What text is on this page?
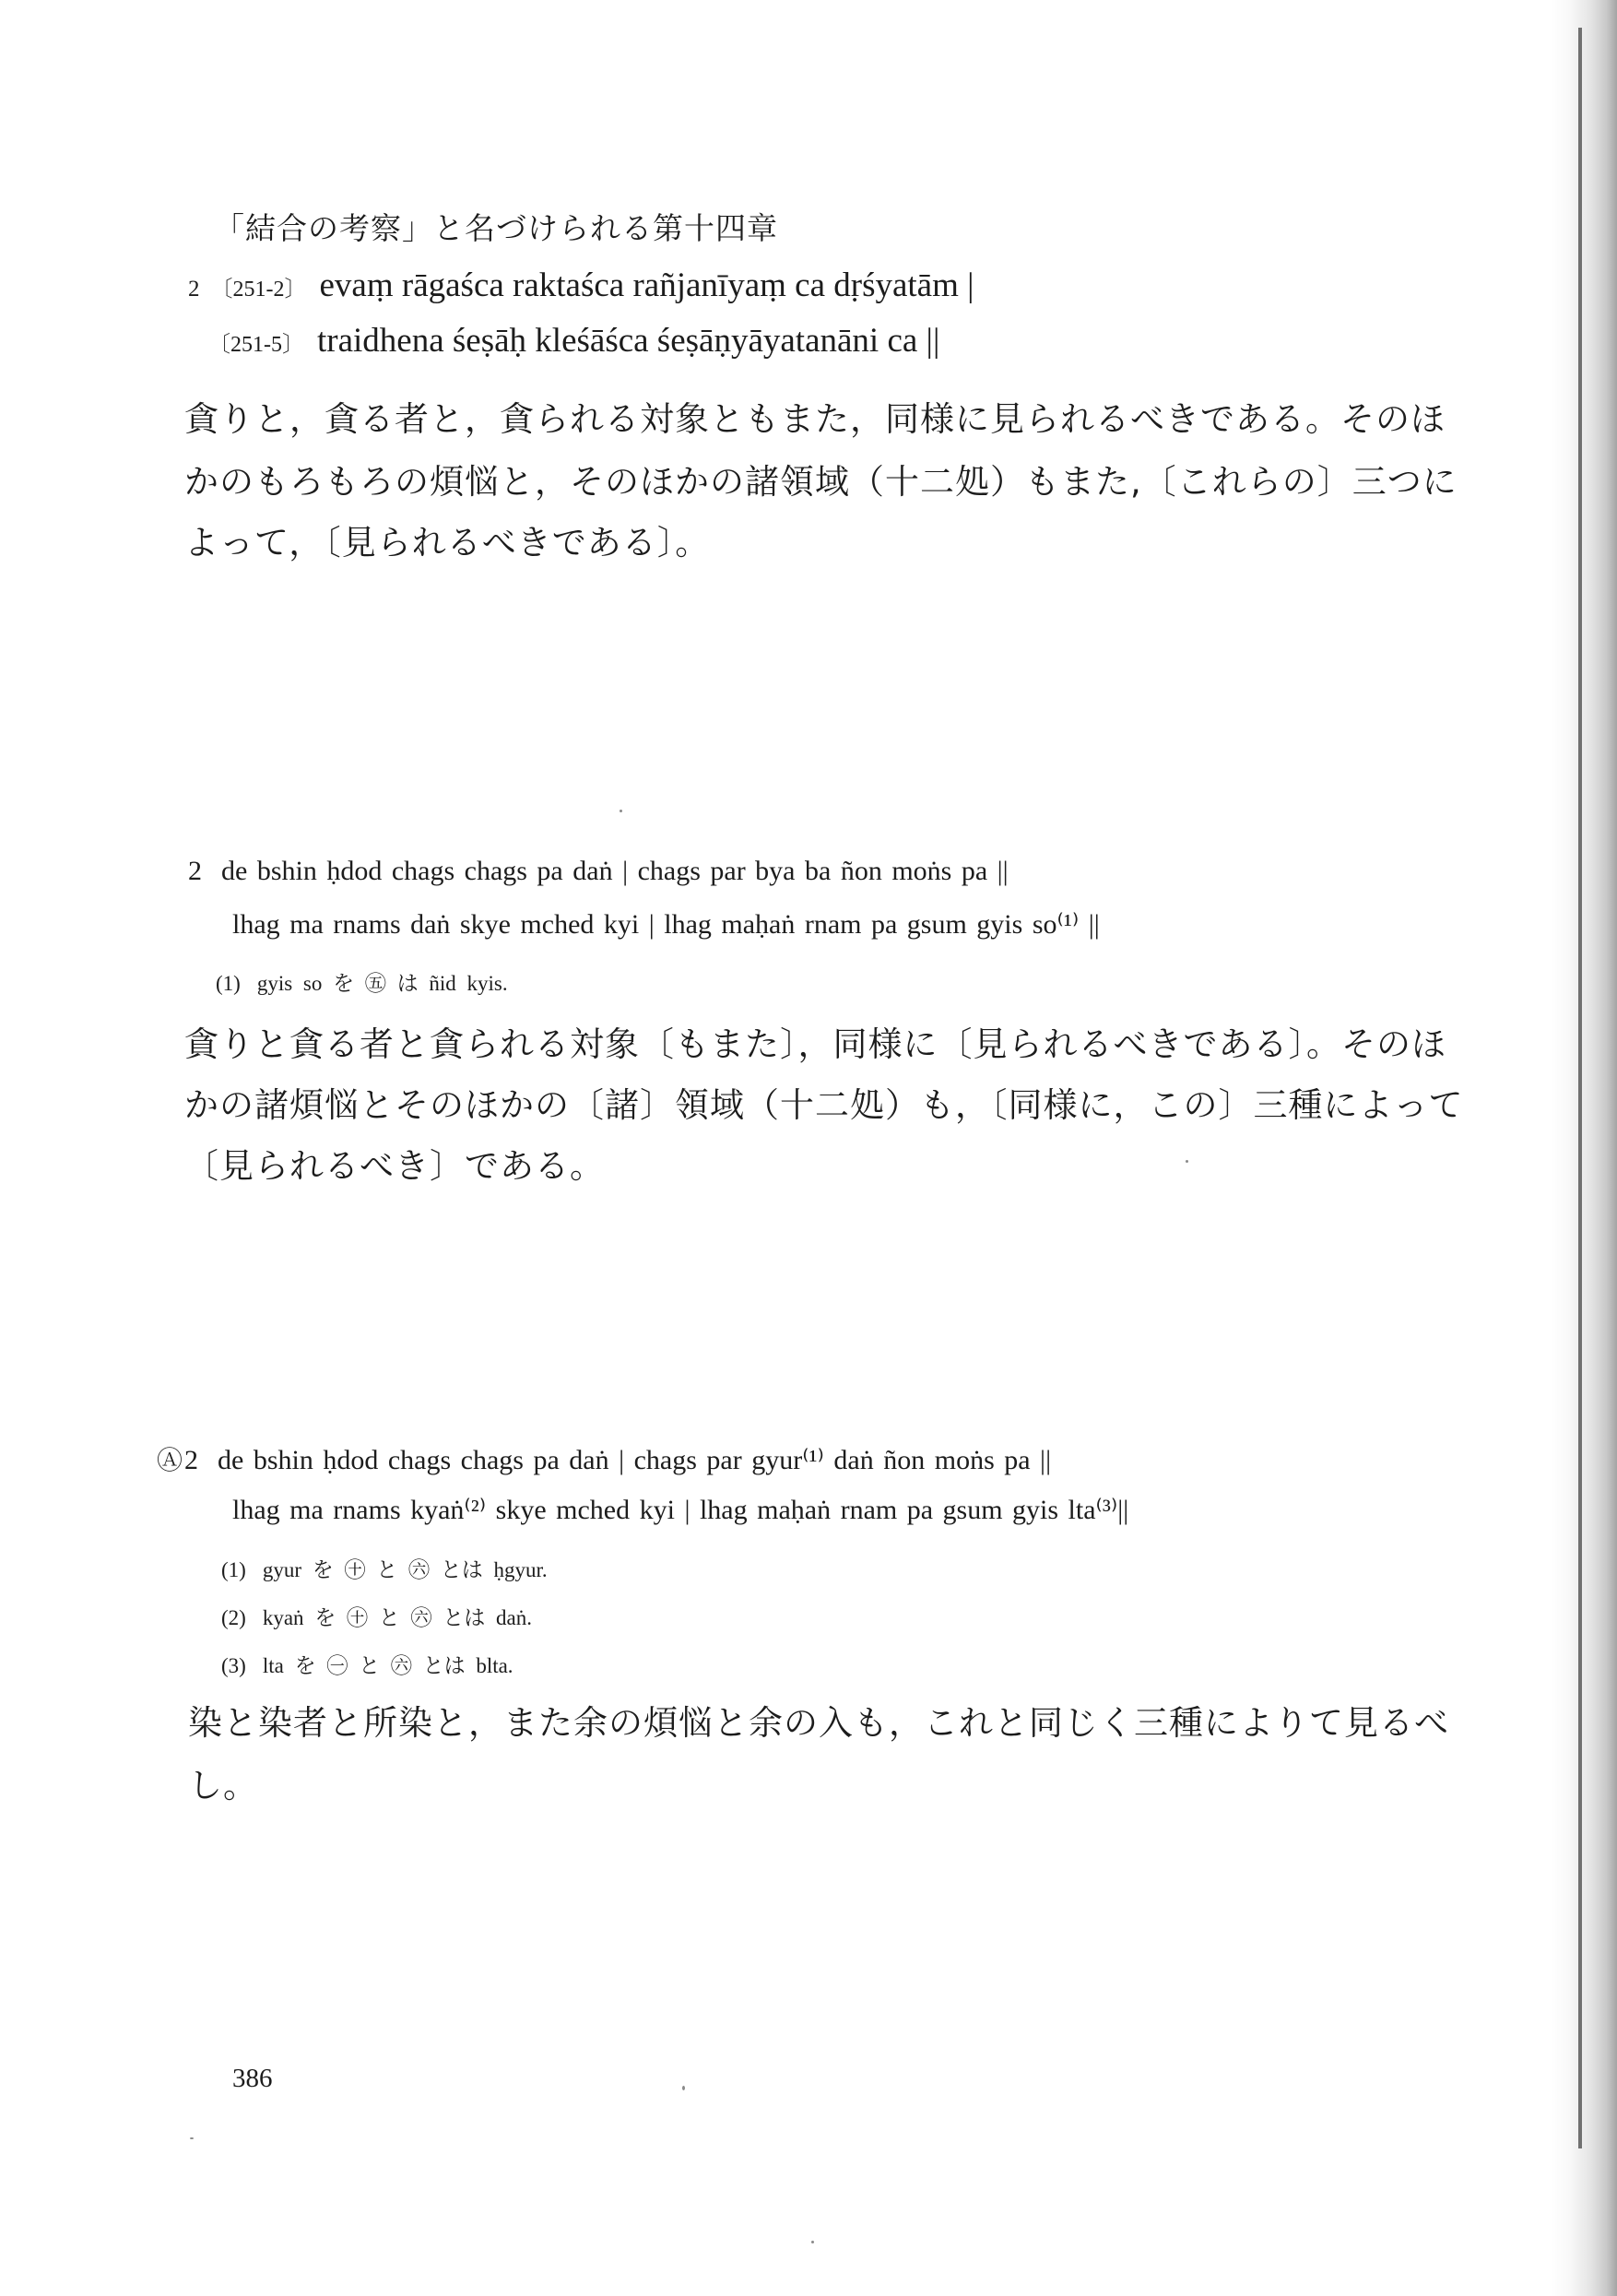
「結合の考察」と名づけられる第十四章
2 〔251-2〕 evaṃ rāgaśca raktaśca rañjanīyaṃ ca dṛśyatām |
〔251-5〕 traidhena śeṣāḥ kleśāśca śeṣāṇyāyatanāni ca ||
貪りと，貪る者と，貪られる対象ともまた，同様に見られるべきである。そのほ
かのもろもろの煩悩と，そのほかの諸領域（十二処）もまた,〔これらの〕三つに
よって，〔見られるべきである〕。
2 de bshin ḥdod chags chags pa daṅ | chags par bya ba ñon moṅs pa ||
lhag ma rnams daṅ skye mched kyi | lhag maḥaṅ rnam pa gsum gyis so⁽¹⁾ ||
(1) gyis so を ㊄ は ñid kyis.
貪りと貪る者と貪られる対象〔もまた〕，同様に〔見られるべきである〕。そのほ
かの諸煩悩とそのほかの〔諸〕領域（十二処）も，〔同様に，この〕三種によって
〔見られるべき〕である。
Ⓐ2 de bshin ḥdod chags chags pa daṅ | chags par gyur⁽¹⁾ daṅ ñon moṅs pa ||
lhag ma rnams kyaṅ⁽²⁾ skye mched kyi | lhag maḥaṅ rnam pa gsum gyis lta⁽³⁾||
(1) gyur を ㊉ と ㊅ とは ḥgyur.
(2) kyaṅ を ㊉ と ㊅ とは daṅ.
(3) lta を ㊀ と ㊅ とは blta.
染と染者と所染と，また余の煩悩と余の入も，これと同じく三種によりて見るべ
し。
386
